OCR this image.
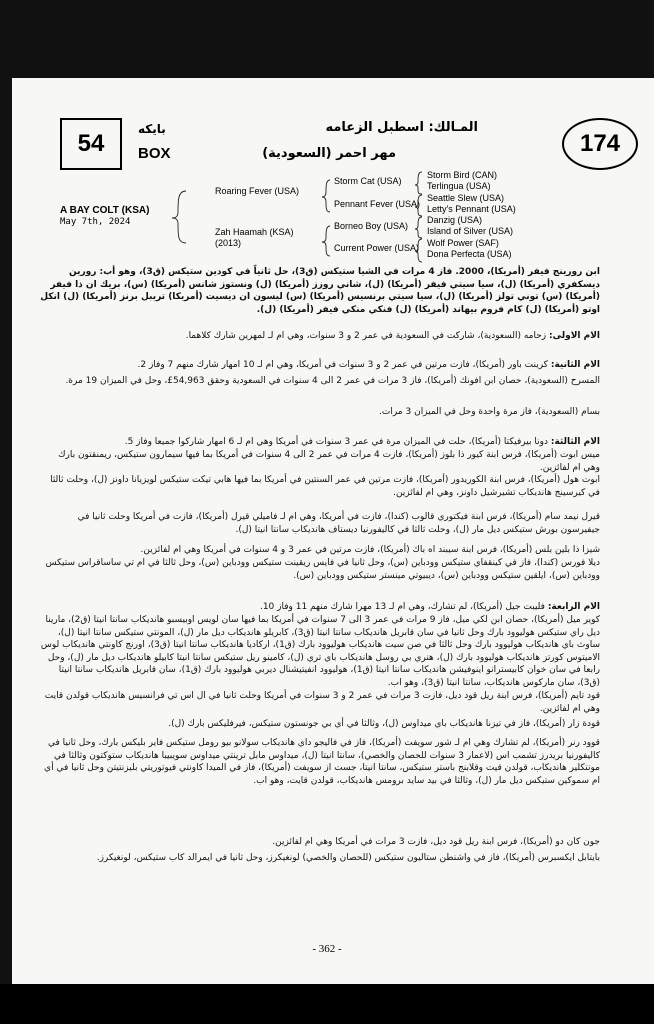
54
بايكه
BOX
المـالك: اسطبل الزعامه
مهر احمر (السعودية)	174
A BAY COLT (KSA)
May 7th, 2024
Roaring Fever (USA)
Zah Haamah (KSA)
(2013)
Storm Cat (USA)
Pennant Fever (USA)
Borneo Boy (USA)
Current Power (USA)
Storm Bird (CAN)
Terlingua (USA)
Seattle Slew (USA)
Letty's Pennant (USA)
Danzig (USA)
Island of Silver (USA)
Wolf Power (SAF)
Dona Perfecta (USA)
ابن رورينج فيفر (أمريكا)، 2000. فاز 4 مرات في الشيا ستيكس (ق3)، حل ثانياً في كودين ستيكس (ق3)، وهو أب: رورين ديسكفري (أمريكا) (ل)، سيا سيتي فيفر (أمريكا) (ل)، شاني روزز (أمريكا) (ل) ونستوز شانس (أمريكا) (س)، بريك ان ذا فيفر (أمريكا) (س) توني تولز (أمريكا) (ل)، سيا سيتي برنسيس (أمريكا) (س) ليسون ان ديسيت (أمريكا) تريبل برنز (أمريكا) (ل) انكل اوتو (أمريكا) (ل) كام فروم بيهاند (أمريكا) (ل) فنكي منكي فيفر (أمريكا) (ل).
الام الاولى: زحامه (السعودية)، شاركت في السعودية في عمر 2 و 3 سنوات، وهي ام لـ لمهرين شارك كلاهما.
الام الثانية: كرينت باور (أمريكا)، فازت مرتين في عمر 2 و 3 سنوات في أمريكا، وهي ام لـ 10 امهار شارك منهم 7 وفاز 2.
المسرح (السعودية)، حصان ابن افونك (أمريكا)، فاز 3 مرات في عمر 2 الى 4 سنوات في السعودية وحقق 54,963£، وحل في الميزان 19 مرة.
بسام (السعودية)، فاز مرة واحدة وحل في الميزان 3 مرات.
الام الثالثة: دونا بيرفيكتا (أمريكا)، حلت في الميزان مرة في عمر 3 سنوات في أمريكا وهي ام لـ 6 امهار شاركوا جميعا وفاز 5.
ميس ابوت (أمريكا)، فرس ابنة كيور ذا بلوز (أمريكا)، فازت 4 مرات في عمر 2 الى 4 سنوات في أمريكا بما فيها سيمارون ستيكس، ريمنقتون بارك وهي ام لفائزين.
ابوت هول (أمريكا)، فرس ابنة الكوريدور (أمريكا)، فازت مرتين في عمر السنتين في أمريكا بما فيها هابي تيكت ستيكس لويزيانا داونز (ل)، وحلت ثالثا في كيرسينج هانديكاب تشيرشيل داونز، وهي ام لفائزين.
قيرل نيمد سام (أمريكا)، فرس ابنة فيكتوري قالوب (كندا)، فازت في أمريكا، وهي ام لـ فاميلي قيرل (أمريكا)، فازت في أمريكا وحلت ثانيا في جيفيرسون بورش ستيكس ديل مار (ل)، وحلت ثالثا في كاليفورنيا ديستاف هانديكاب سانتا انيتا (ل).
شيزا ذا بلين بلس (أمريكا)، فرس ابنة سيبند اه باك (أمريكا)، فازت مرتين في عمر 3 و 4 سنوات في أمريكا وهي ام لفائزين.
ديلا فورس (كندا)، فاز في كينقفاي ستيكس وودباين (س)، وحل ثانيا في فايس ريقينت ستيكس وودباين (س)، وحل ثالثا في ام تي ساساقراس ستيكس وودباين (س)، ايلقين ستيكس وودباين (س)، ديبيوتي مينستر ستيكس وودباين (س).
الام الرابعة: فليبت جيل (أمريكا)، لم تشارك، وهي ام لـ 13 مهرا شارك منهم 11 وفاز 10.
كوير ميل (أمريكا)، حصان ابن لكي ميل، فاز 9 مرات في عمر 3 الى 7 سنوات في أمريكا بما فيها سان لويس اوبيسبو هانديكاب سانتا انيتا (ق2)، مارينا ديل راي ستيكس هوليوود بارك وحل ثانيا في سان قابريل هانديكاب سانتا انيتا (ق3)، كابريلو هانديكاب ديل مار (ل)، المونتي ستيكس سانتا انيتا (ل)، ساوث باي هانديكاب هوليوود بارك وحل ثالثا في صن سيت هانديكاب هوليوود بارك (ق1)، اركاديا هانديكاب سانتا انيتا (ق3)، اورنج كاونتي هانديكاب لوس الاميتوس كورتز هانديكاب هوليوود بارك (ل)، هنري بي روسل هانديكاب باي تري (ل)، كامينو ريل ستيكس سانتا انيتا كابيلو هانديكاب ديل مار (ل)، وحل رابعا في سان خوان كابيسترانو اينوفيشن هانديكاب سانتا انيتا (ق1)، هوليوود انفيتيشنال ديربي هوليوود بارك (ق1)، سان قابريل هانديكاب سانتا انيتا (ق3)، سان ماركوس هانديكاب، سانتا انيتا (ق3)، وهو اب.
قود تايم (أمريكا)، فرس ابنة ريل قود ديل، فازت 3 مرات في عمر 2 و 3 سنوات في أمريكا وحلت ثانيا في ال اس تي فرانسيس هانديكاب قولدن قايت وهي ام لفائزين.
قودة زار (أمريكا)، فاز في تيزنا هانديكاب باي ميداوس (ل)، وثالثا في أي بي جونستون ستيكس، فيرفليكس بارك (ل).
قوود رنر (أمريكا)، لم تشارك وهي ام لـ شور سويفت (أمريكا)، فاز في فاليجو داي هانديكاب سولانو بيو رومل ستيكس فاير بليكس بارك، وحل ثانيا في كاليفورنيا بريدرز تشمب اس (لاعمار 3 سنوات للحصان والخصي)، سانتا انيتا (ل)، ميداوس مابل ترينتي ميداوس سويبيبا هانديكاب ستوكتون وثالثا في مونتكلير هانديكاب، قولدن قيت وقلابنج باستر ستيكس، سانتا انيتا، جست از سويفت (أمريكا)، فاز في الميدا كاونتي فيوتوريتي بليزنتيتن وحل ثانيا في أي ام سموكين ستيكس ديل مار (ل)، وثالثا في بيد سايد برومس هانديكاب، قولدن قايت، وهو اب.
جون كان دو (أمريكا)، فرس ابنة ريل قود ديل، فازت 3 مرات في أمريكا وهي ام لفائزين.
بايتابل ايكسبرس (أمريكا)، فاز في واشنطن ستاليون ستيكس (للحصان والخصي) لونغيكرز، وحل ثانيا في ايمرالد كاب ستيكس، لونغيكرز.
- 362 -
